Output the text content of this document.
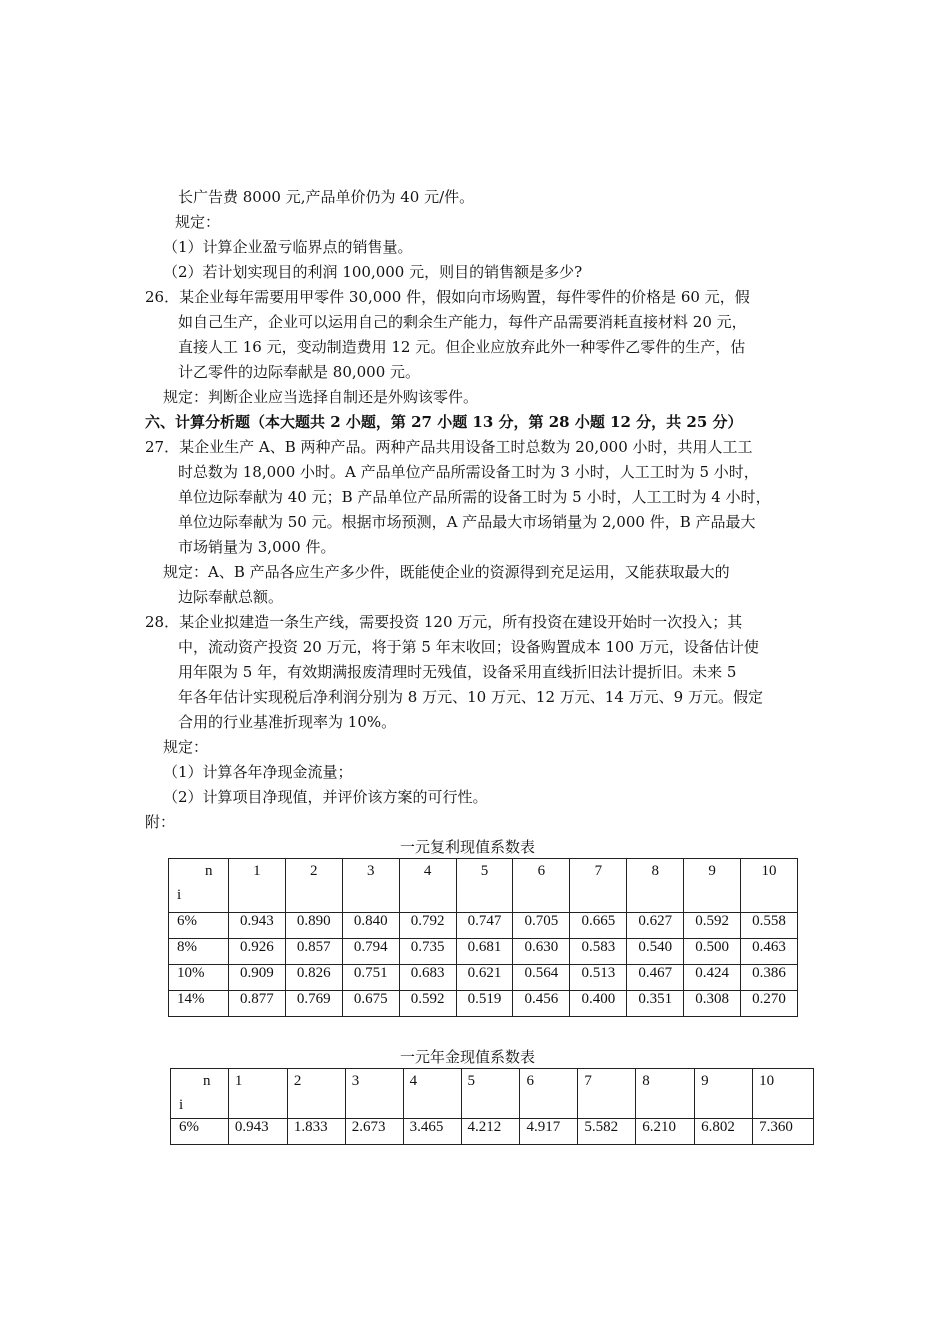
长广告费 8000 元,产品单价仍为 40 元/件。
规定：
（1）计算企业盈亏临界点的销售量。
（2）若计划实现目的利润 100,000 元，则目的销售额是多少?
26．某企业每年需要用甲零件 30,000 件，假如向市场购置，每件零件的价格是 60 元，假
如自己生产，企业可以运用自己的剩余生产能力，每件产品需要消耗直接材料 20 元，
直接人工 16 元，变动制造费用 12 元。但企业应放弃此外一种零件乙零件的生产，估
计乙零件的边际奉献是 80,000 元。
规定：判断企业应当选择自制还是外购该零件。
六、计算分析题（本大题共 2 小题，第 27 小题 13 分，第 28 小题 12 分，共 25 分）
27．某企业生产 A、B 两种产品。两种产品共用设备工时总数为 20,000 小时，共用人工工
时总数为 18,000 小时。A 产品单位产品所需设备工时为 3 小时，人工工时为 5 小时，
单位边际奉献为 40 元；B 产品单位产品所需的设备工时为 5 小时，人工工时为 4 小时，
单位边际奉献为 50 元。根据市场预测，A 产品最大市场销量为 2,000 件，B 产品最大
市场销量为 3,000 件。
规定：A、B 产品各应生产多少件，既能使企业的资源得到充足运用，又能获取最大的
边际奉献总额。
28．某企业拟建造一条生产线，需要投资 120 万元，所有投资在建设开始时一次投入；其
中，流动资产投资 20 万元，将于第 5 年末收回；设备购置成本 100 万元，设备估计使
用年限为 5 年，有效期满报废清理时无残值，设备采用直线折旧法计提折旧。未来 5
年各年估计实现税后净利润分别为 8 万元、10 万元、12 万元、14 万元、9 万元。假定
合用的行业基准折现率为 10%。
规定：
（1）计算各年净现金流量；
（2）计算项目净现值，并评价该方案的可行性。
附：
一元复利现值系数表
n
i	1	2	3	4	5	6	7	8	9	10
6%	0.943	0.890	0.840	0.792	0.747	0.705	0.665	0.627	0.592	0.558
8%	0.926	0.857	0.794	0.735	0.681	0.630	0.583	0.540	0.500	0.463
10%	0.909	0.826	0.751	0.683	0.621	0.564	0.513	0.467	0.424	0.386
14%	0.877	0.769	0.675	0.592	0.519	0.456	0.400	0.351	0.308	0.270
一元年金现值系数表
n
i	1	2	3	4	5	6	7	8	9	10
6%	0.943	1.833	2.673	3.465	4.212	4.917	5.582	6.210	6.802	7.360
